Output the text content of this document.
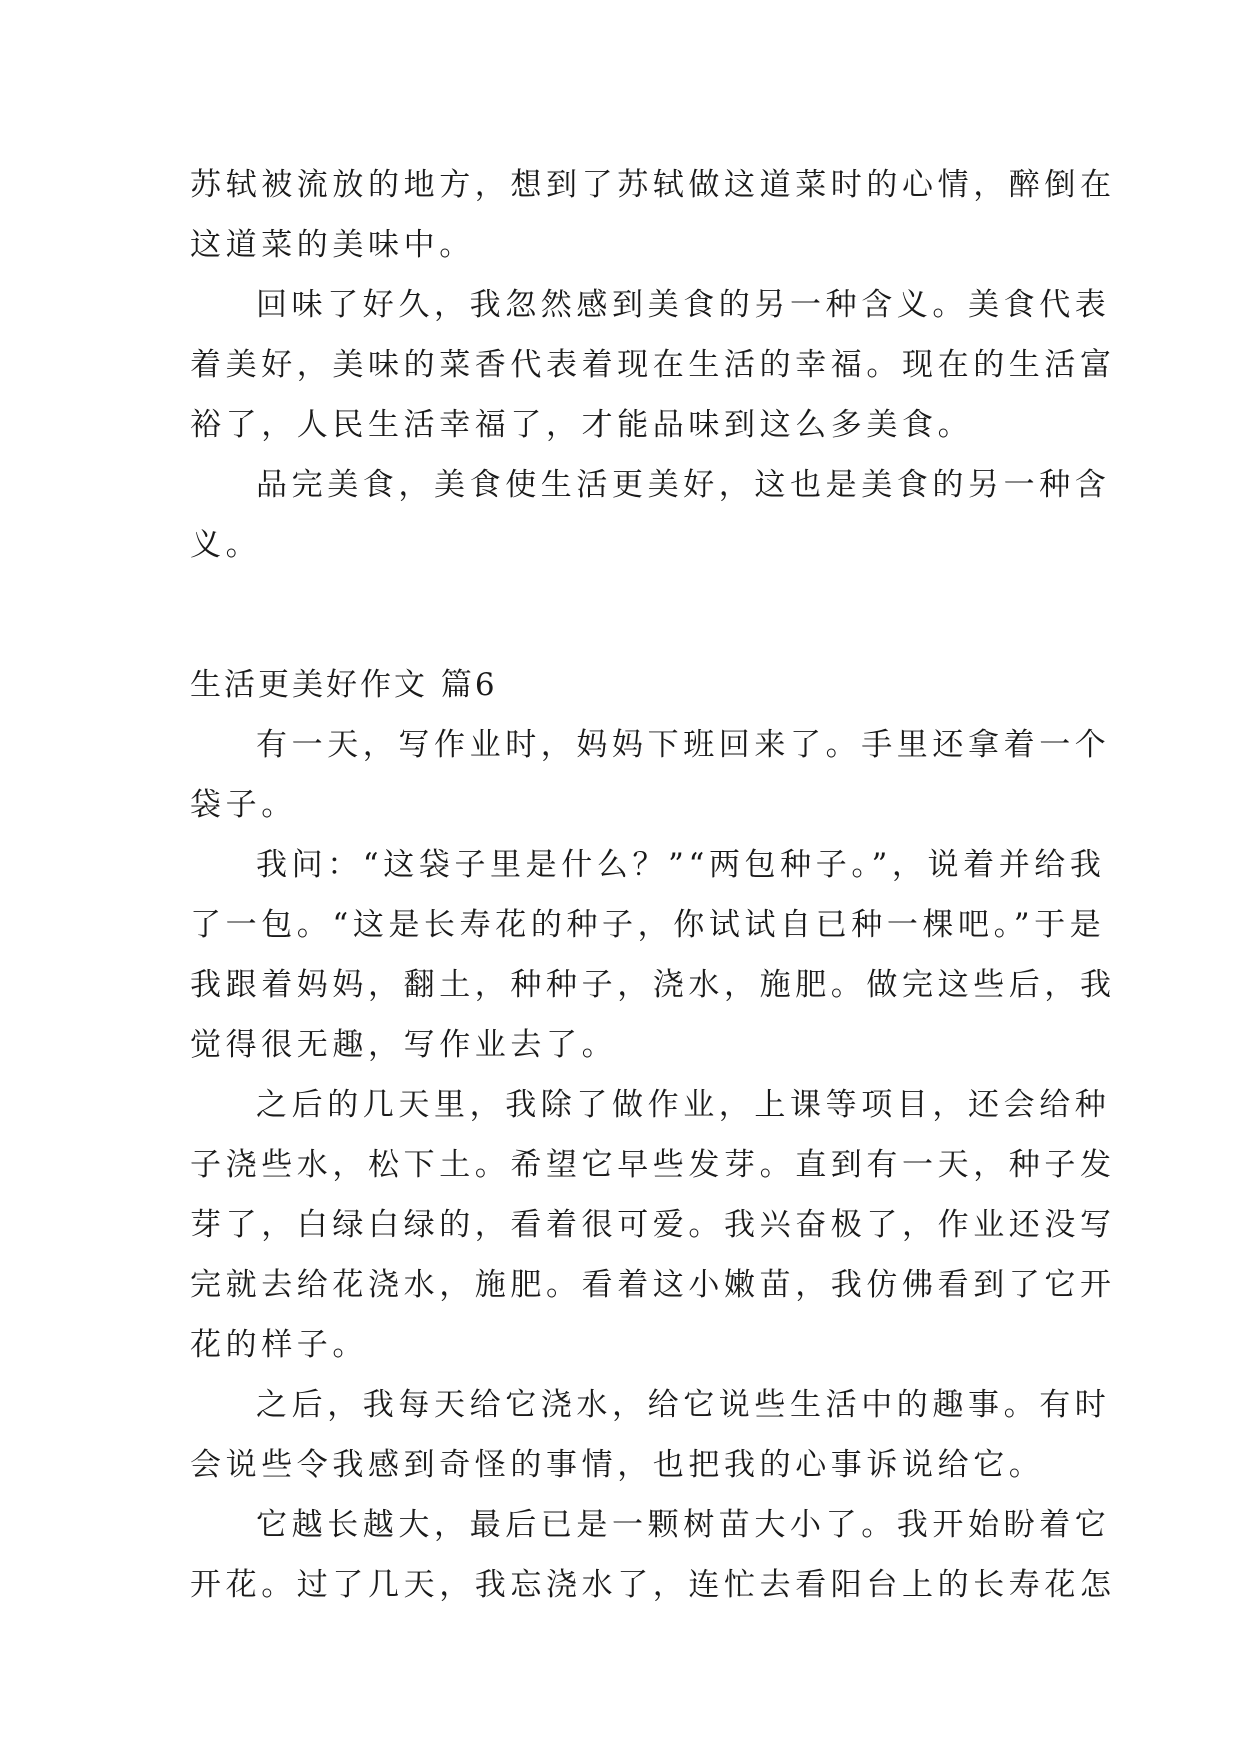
苏轼被流放的地方，想到了苏轼做这道菜时的心情，醉倒在
这道菜的美味中。
回味了好久，我忽然感到美食的另一种含义。美食代表
着美好，美味的菜香代表着现在生活的幸福。现在的生活富
裕了，人民生活幸福了，才能品味到这么多美食。
品完美食，美食使生活更美好，这也是美食的另一种含
义。
生活更美好作文 篇6
有一天，写作业时，妈妈下班回来了。手里还拿着一个
袋子。
我问：“这袋子里是什么？”“两包种子。”，说着并给我
了一包。“这是长寿花的种子，你试试自已种一棵吧。”于是
我跟着妈妈，翻土，种种子，浇水，施肥。做完这些后，我
觉得很无趣，写作业去了。
之后的几天里，我除了做作业，上课等项目，还会给种
子浇些水，松下土。希望它早些发芽。直到有一天，种子发
芽了，白绿白绿的，看着很可爱。我兴奋极了，作业还没写
完就去给花浇水，施肥。看着这小嫩苗，我仿佛看到了它开
花的样子。
之后，我每天给它浇水，给它说些生活中的趣事。有时
会说些令我感到奇怪的事情，也把我的心事诉说给它。
它越长越大，最后已是一颗树苗大小了。我开始盼着它
开花。过了几天，我忘浇水了，连忙去看阳台上的长寿花怎
